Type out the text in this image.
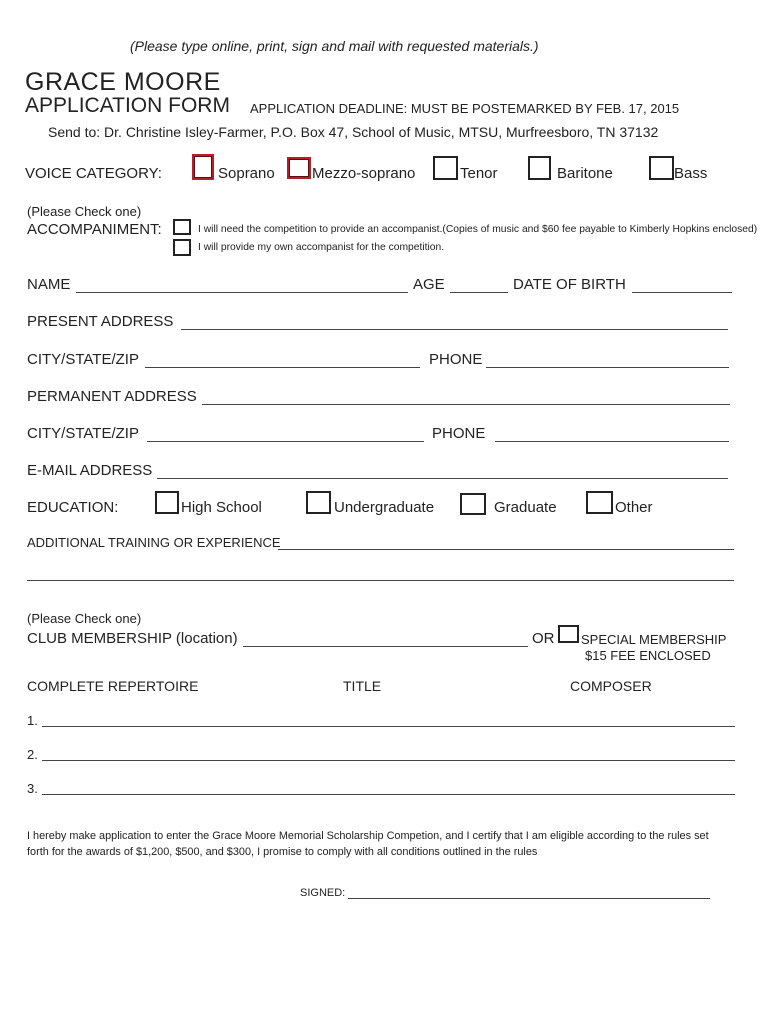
(Please type online, print, sign and mail with requested materials.)
GRACE MOORE
APPLICATION FORM APPLICATION DEADLINE: MUST BE POSTEMARKED BY FEB. 17, 2015
Send to: Dr. Christine Isley-Farmer, P.O. Box 47, School of Music, MTSU, Murfreesboro, TN 37132
VOICE CATEGORY:	Soprano Mezzo-soprano	Tenor	Baritone	Bass
(Please Check one)
ACCOMPANIMENT:	I will need the competition to provide an accompanist.(Copies of music and $60 fee payable to Kimberly Hopkins enclosed)
I will provide my own accompanist for the competition.
NAME	AGE	DATE OF BIRTH
PRESENT ADDRESS
CITY/STATE/ZIP	PHONE
PERMANENT ADDRESS
CITY/STATE/ZIP	PHONE
E-MAIL ADDRESS
EDUCATION:	High School	Undergraduate	Graduate	Other
ADDITIONAL TRAINING OR EXPERIENCE
(Please Check one)
CLUB MEMBERSHIP (location)	OR SPECIAL MEMBERSHIP
$15 FEE ENCLOSED
COMPLETE REPERTOIRE	TITLE	COMPOSER
1.
2.
3.
I hereby make application to enter the Grace Moore Memorial Scholarship Competion, and I certify that I am eligible according to the rules set
forth for the awards of $1,200, $500, and $300, I promise to comply with all conditions outlined in the rules
SIGNED:
